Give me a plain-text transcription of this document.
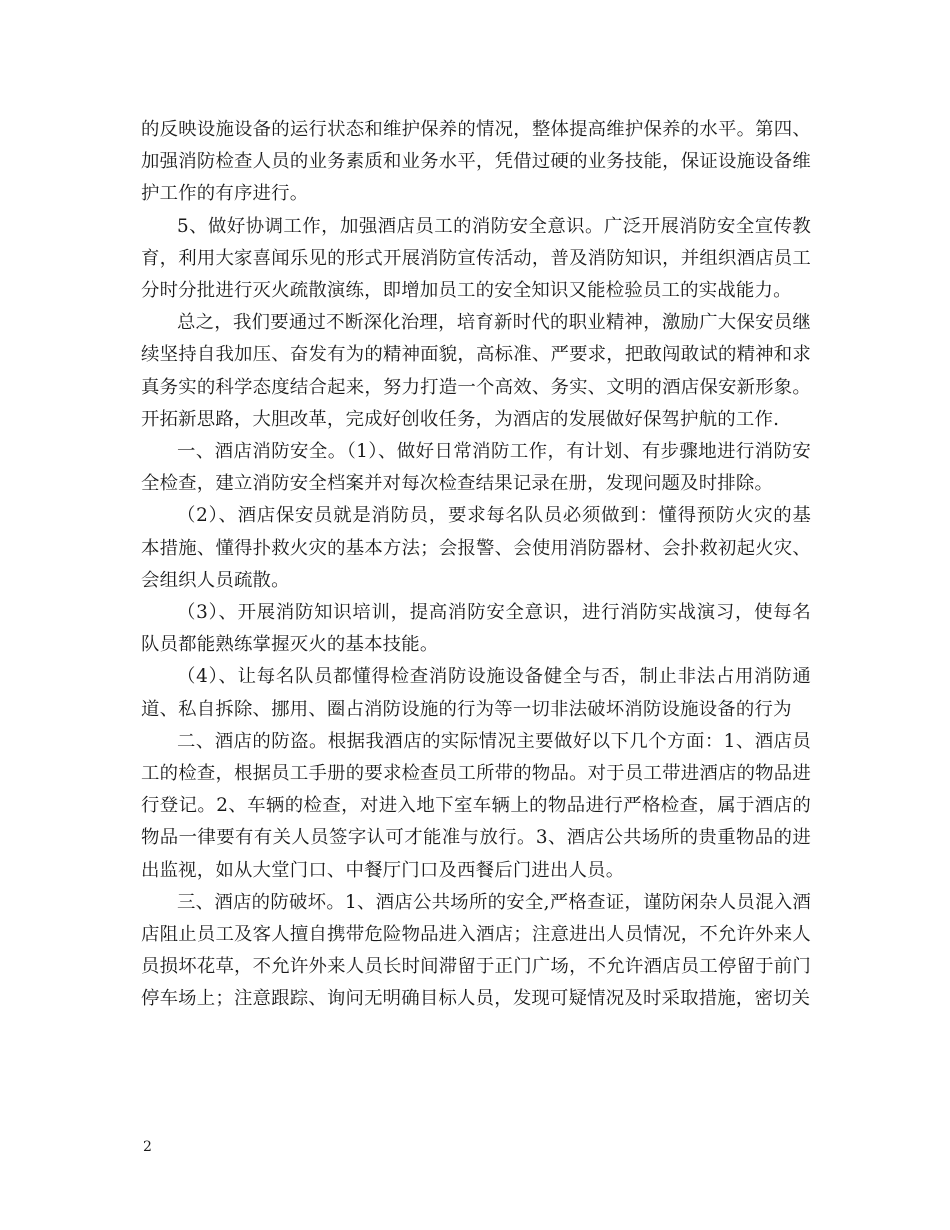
的反映设施设备的运行状态和维护保养的情况，整体提高维护保养的水平。第四、加强消防检查人员的业务素质和业务水平，凭借过硬的业务技能，保证设施设备维护工作的有序进行。

5、做好协调工作，加强酒店员工的消防安全意识。广泛开展消防安全宣传教育，利用大家喜闻乐见的形式开展消防宣传活动，普及消防知识，并组织酒店员工分时分批进行灭火疏散演练，即增加员工的安全知识又能检验员工的实战能力。

总之，我们要通过不断深化治理，培育新时代的职业精神，激励广大保安员继续坚持自我加压、奋发有为的精神面貌，高标准、严要求，把敢闯敢试的精神和求真务实的科学态度结合起来，努力打造一个高效、务实、文明的酒店保安新形象。开拓新思路，大胆改革，完成好创收任务，为酒店的发展做好保驾护航的工作.

一、酒店消防安全。（1）、做好日常消防工作，有计划、有步骤地进行消防安全检查，建立消防安全档案并对每次检查结果记录在册，发现问题及时排除。

（2）、酒店保安员就是消防员，要求每名队员必须做到：懂得预防火灾的基本措施、懂得扑救火灾的基本方法；会报警、会使用消防器材、会扑救初起火灾、会组织人员疏散。

（3）、开展消防知识培训，提高消防安全意识，进行消防实战演习，使每名队员都能熟练掌握灭火的基本技能。

（4）、让每名队员都懂得检查消防设施设备健全与否，制止非法占用消防通道、私自拆除、挪用、圈占消防设施的行为等一切非法破坏消防设施设备的行为

二、酒店的防盗。根据我酒店的实际情况主要做好以下几个方面：1、酒店员工的检查，根据员工手册的要求检查员工所带的物品。对于员工带进酒店的物品进行登记。2、车辆的检查，对进入地下室车辆上的物品进行严格检查，属于酒店的物品一律要有有关人员签字认可才能准与放行。3、酒店公共场所的贵重物品的进出监视，如从大堂门口、中餐厅门口及西餐后门进出人员。

三、酒店的防破坏。1、酒店公共场所的安全,严格查证，谨防闲杂人员混入酒店阻止员工及客人擅自携带危险物品进入酒店；注意进出人员情况，不允许外来人员损坏花草，不允许外来人员长时间滞留于正门广场，不允许酒店员工停留于前门停车场上；注意跟踪、询问无明确目标人员，发现可疑情况及时采取措施，密切关

2
